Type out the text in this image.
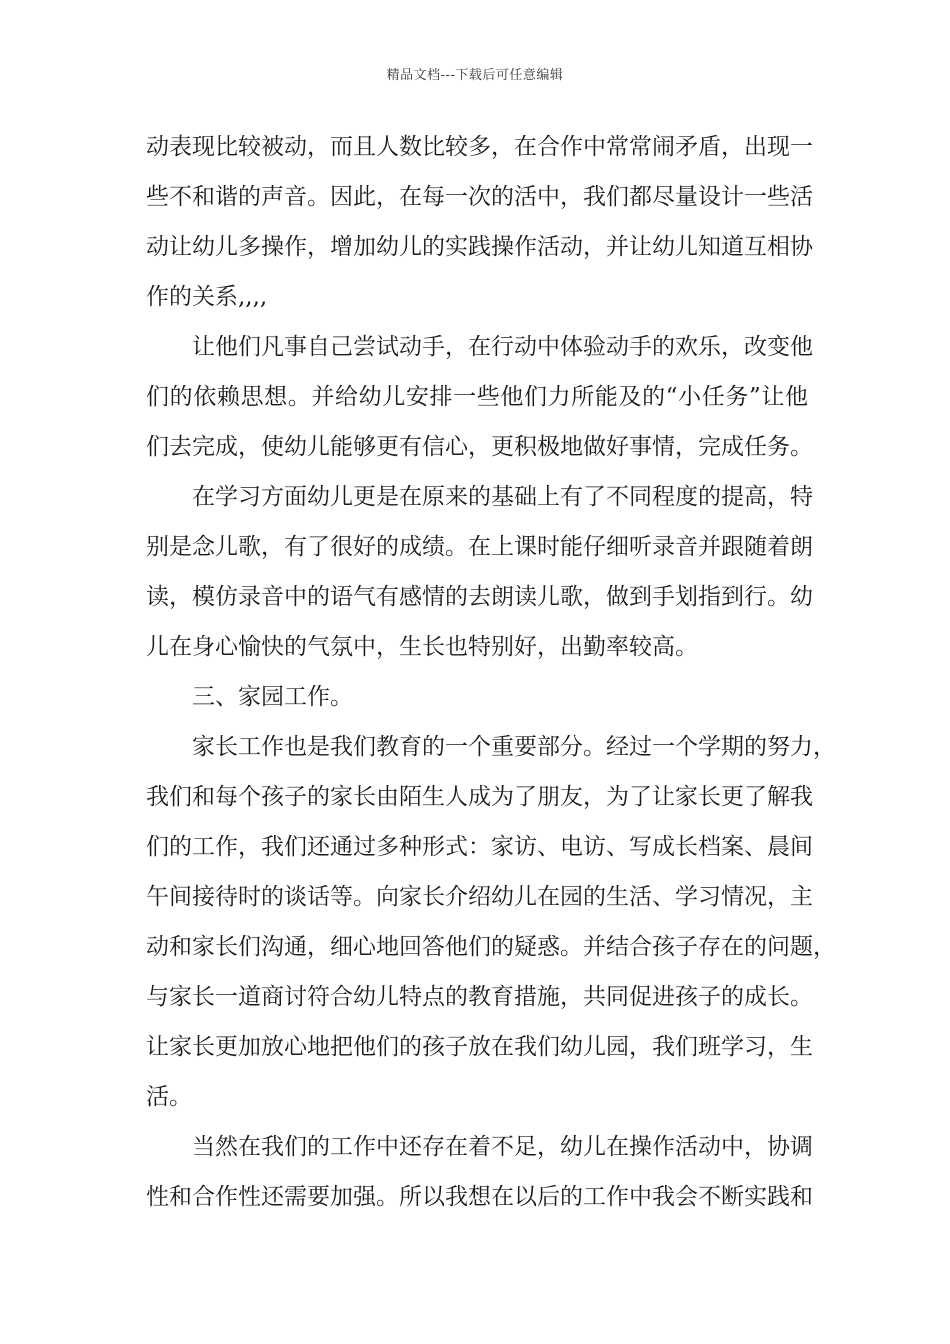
精品文档---下载后可任意编辑
动表现比较被动，而且人数比较多，在合作中常常闹矛盾，出现一
些不和谐的声音。因此，在每一次的活中，我们都尽量设计一些活
动让幼儿多操作，增加幼儿的实践操作活动，并让幼儿知道互相协
作的关系,,,,
让他们凡事自己尝试动手，在行动中体验动手的欢乐，改变他
们的依赖思想。并给幼儿安排一些他们力所能及的“小任务”让他
们去完成，使幼儿能够更有信心，更积极地做好事情，完成任务。
在学习方面幼儿更是在原来的基础上有了不同程度的提高，特
别是念儿歌，有了很好的成绩。在上课时能仔细听录音并跟随着朗
读，模仿录音中的语气有感情的去朗读儿歌，做到手划指到行。幼
儿在身心愉快的气氛中，生长也特别好，出勤率较高。
三、家园工作。
家长工作也是我们教育的一个重要部分。经过一个学期的努力，
我们和每个孩子的家长由陌生人成为了朋友，为了让家长更了解我
们的工作，我们还通过多种形式：家访、电访、写成长档案、晨间
午间接待时的谈话等。向家长介绍幼儿在园的生活、学习情况，主
动和家长们沟通，细心地回答他们的疑惑。并结合孩子存在的问题，
与家长一道商讨符合幼儿特点的教育措施，共同促进孩子的成长。
让家长更加放心地把他们的孩子放在我们幼儿园，我们班学习，生
活。
当然在我们的工作中还存在着不足，幼儿在操作活动中，协调
性和合作性还需要加强。所以我想在以后的工作中我会不断实践和
